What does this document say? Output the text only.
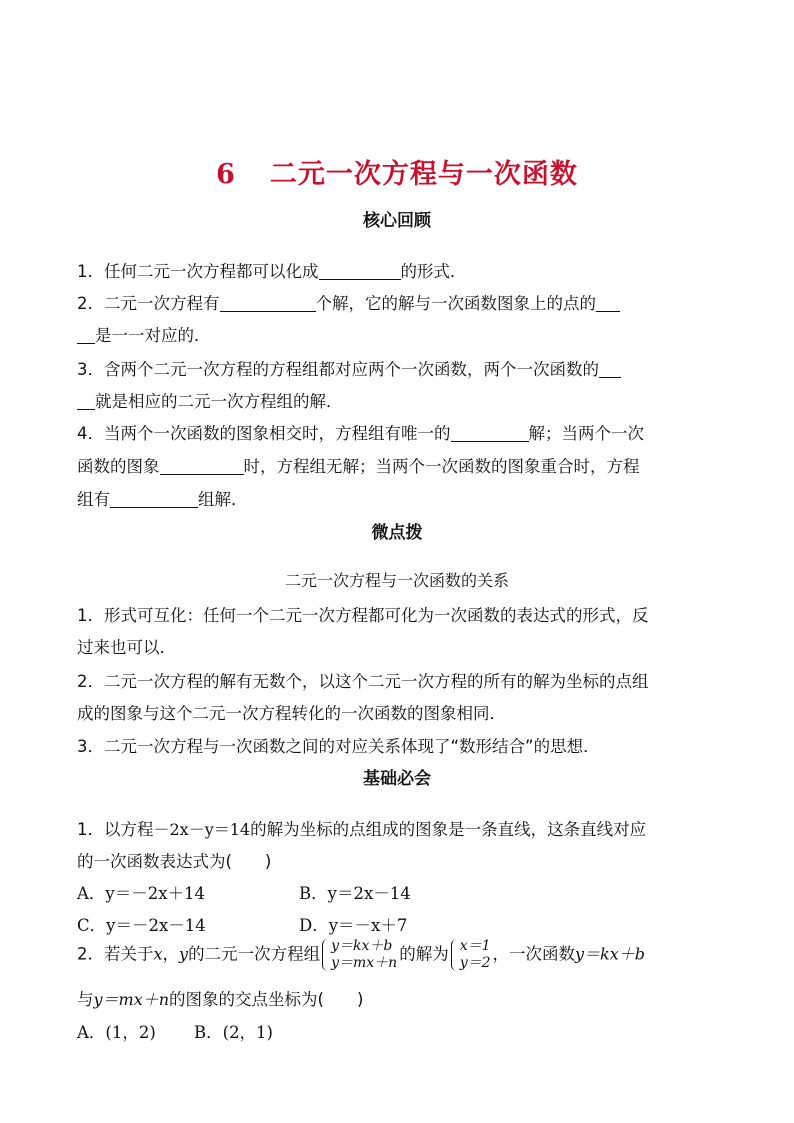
6 二元一次方程与一次函数
核心回顾
1．任何二元一次方程都可以化成	的形式．
2．二元一次方程有	个解，它的解与一次函数图象上的点的
是一一对应的．
3．含两个二元一次方程的方程组都对应两个一次函数，两个一次函数的
就是相应的二元一次方程组的解．
4．当两个一次函数的图象相交时，方程组有唯一的	解；当两个一次
函数的图象	时，方程组无解；当两个一次函数的图象重合时，方程
组有	组解．
微点拨
二元一次方程与一次函数的关系
1．形式可互化：任何一个二元一次方程都可化为一次函数的表达式的形式，反
过来也可以．
2．二元一次方程的解有无数个，以这个二元一次方程的所有的解为坐标的点组
成的图象与这个二元一次方程转化的一次函数的图象相同．
3．二元一次方程与一次函数之间的对应关系体现了“数形结合”的思想．
基础必会
1．以方程－2x－y＝14的解为坐标的点组成的图象是一条直线，这条直线对应
的一次函数表达式为(　　)
A．y＝－2x＋14	B．y＝2x－14
C．y＝－2x－14	D．y＝－x＋7
2．若关于x，y的二元一次方程组 y＝kx＋b
y＝mx＋n 的解为 x＝1
y＝2 ，一次函数y＝kx＋b
与y＝mx＋n的图象的交点坐标为(　　)
A．(1，2) B．(2，1)
